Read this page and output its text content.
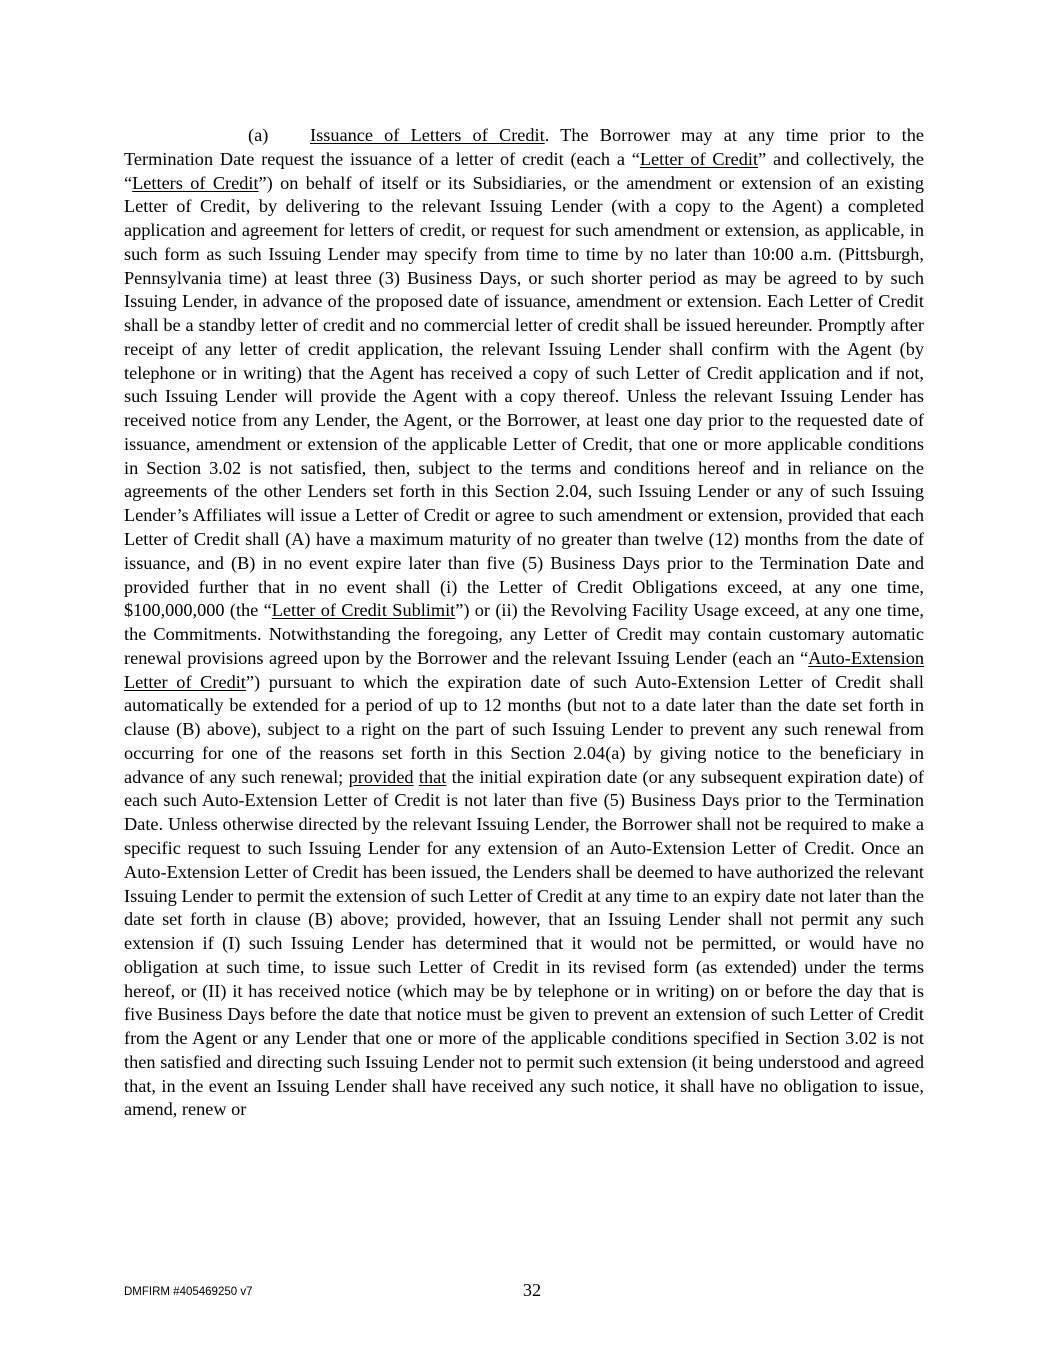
(a) Issuance of Letters of Credit. The Borrower may at any time prior to the Termination Date request the issuance of a letter of credit (each a “Letter of Credit” and collectively, the “Letters of Credit”) on behalf of itself or its Subsidiaries, or the amendment or extension of an existing Letter of Credit, by delivering to the relevant Issuing Lender (with a copy to the Agent) a completed application and agreement for letters of credit, or request for such amendment or extension, as applicable, in such form as such Issuing Lender may specify from time to time by no later than 10:00 a.m. (Pittsburgh, Pennsylvania time) at least three (3) Business Days, or such shorter period as may be agreed to by such Issuing Lender, in advance of the proposed date of issuance, amendment or extension. Each Letter of Credit shall be a standby letter of credit and no commercial letter of credit shall be issued hereunder. Promptly after receipt of any letter of credit application, the relevant Issuing Lender shall confirm with the Agent (by telephone or in writing) that the Agent has received a copy of such Letter of Credit application and if not, such Issuing Lender will provide the Agent with a copy thereof. Unless the relevant Issuing Lender has received notice from any Lender, the Agent, or the Borrower, at least one day prior to the requested date of issuance, amendment or extension of the applicable Letter of Credit, that one or more applicable conditions in Section 3.02 is not satisfied, then, subject to the terms and conditions hereof and in reliance on the agreements of the other Lenders set forth in this Section 2.04, such Issuing Lender or any of such Issuing Lender’s Affiliates will issue a Letter of Credit or agree to such amendment or extension, provided that each Letter of Credit shall (A) have a maximum maturity of no greater than twelve (12) months from the date of issuance, and (B) in no event expire later than five (5) Business Days prior to the Termination Date and provided further that in no event shall (i) the Letter of Credit Obligations exceed, at any one time, $100,000,000 (the “Letter of Credit Sublimit”) or (ii) the Revolving Facility Usage exceed, at any one time, the Commitments. Notwithstanding the foregoing, any Letter of Credit may contain customary automatic renewal provisions agreed upon by the Borrower and the relevant Issuing Lender (each an “Auto-Extension Letter of Credit”) pursuant to which the expiration date of such Auto-Extension Letter of Credit shall automatically be extended for a period of up to 12 months (but not to a date later than the date set forth in clause (B) above), subject to a right on the part of such Issuing Lender to prevent any such renewal from occurring for one of the reasons set forth in this Section 2.04(a) by giving notice to the beneficiary in advance of any such renewal; provided that the initial expiration date (or any subsequent expiration date) of each such Auto-Extension Letter of Credit is not later than five (5) Business Days prior to the Termination Date. Unless otherwise directed by the relevant Issuing Lender, the Borrower shall not be required to make a specific request to such Issuing Lender for any extension of an Auto-Extension Letter of Credit. Once an Auto-Extension Letter of Credit has been issued, the Lenders shall be deemed to have authorized the relevant Issuing Lender to permit the extension of such Letter of Credit at any time to an expiry date not later than the date set forth in clause (B) above; provided, however, that an Issuing Lender shall not permit any such extension if (I) such Issuing Lender has determined that it would not be permitted, or would have no obligation at such time, to issue such Letter of Credit in its revised form (as extended) under the terms hereof, or (II) it has received notice (which may be by telephone or in writing) on or before the day that is five Business Days before the date that notice must be given to prevent an extension of such Letter of Credit from the Agent or any Lender that one or more of the applicable conditions specified in Section 3.02 is not then satisfied and directing such Issuing Lender not to permit such extension (it being understood and agreed that, in the event an Issuing Lender shall have received any such notice, it shall have no obligation to issue, amend, renew or

DMFIRM #405469250 v7	32
